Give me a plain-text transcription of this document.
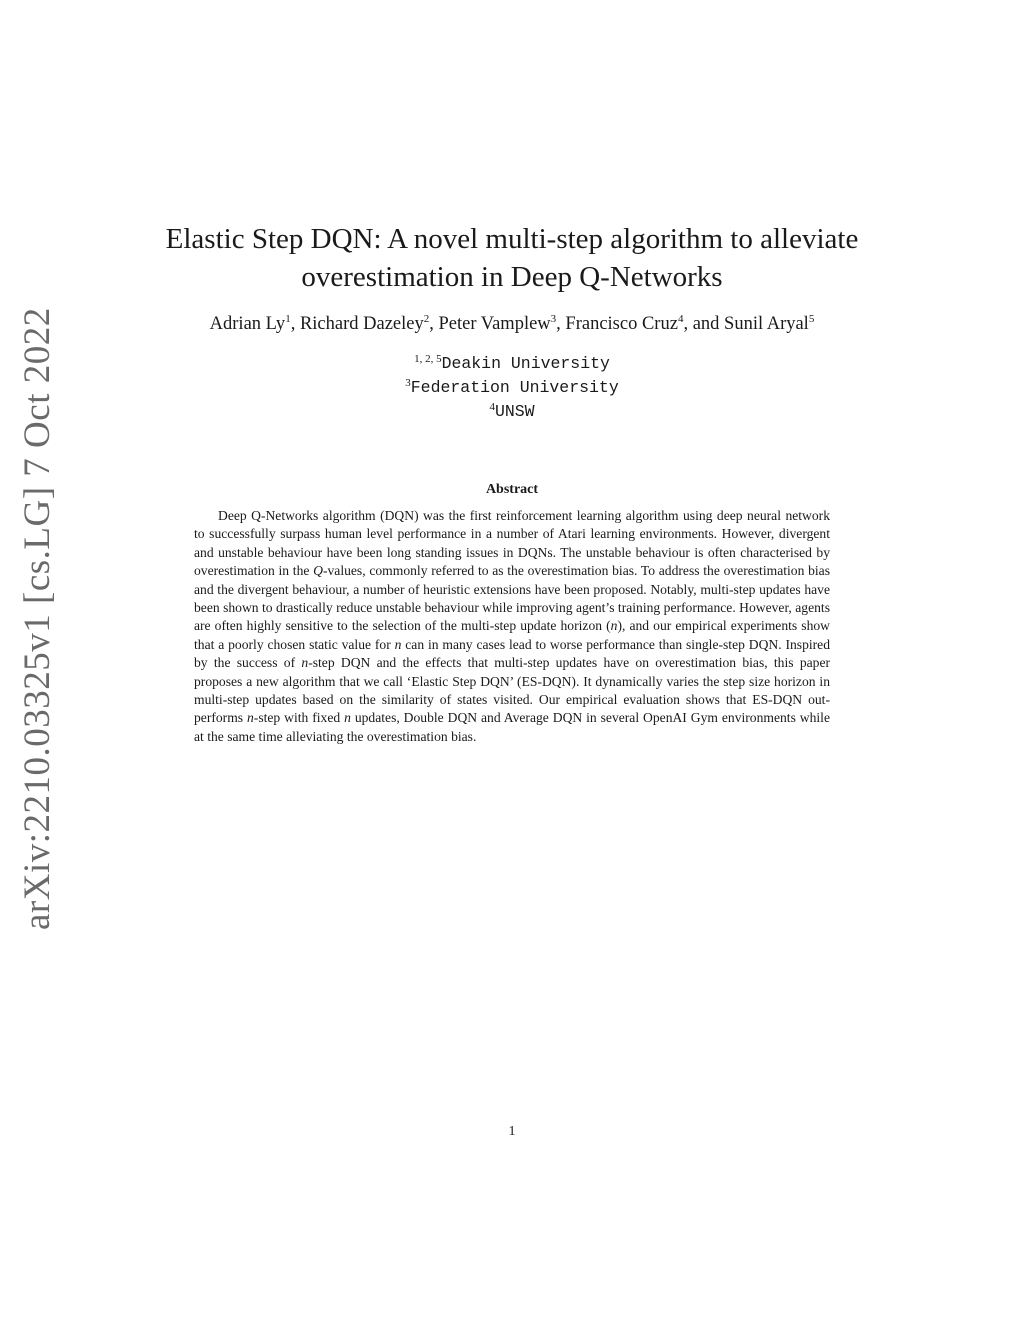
arXiv:2210.03325v1 [cs.LG] 7 Oct 2022
Elastic Step DQN: A novel multi-step algorithm to alleviate
overestimation in Deep Q-Networks
Adrian Ly$^1$, Richard Dazeley$^2$, Peter Vamplew$^3$, Francisco Cruz$^4$, and Sunil Aryal$^5$
$^{1, 2, 5}$Deakin University
$^3$Federation University
$^4$UNSW
Abstract

Deep Q-Networks algorithm (DQN) was the first reinforcement learning algorithm using deep neural network to successfully surpass human level performance in a number of Atari learning environments. However, divergent and unstable behaviour have been long standing issues in DQNs. The unstable behaviour is often characterised by overestimation in the Q-values, commonly referred to as the overestimation bias. To address the overestimation bias and the divergent behaviour, a number of heuristic extensions have been proposed. Notably, multi-step updates have been shown to drastically reduce unstable behaviour while improving agent’s training performance. However, agents are often highly sensitive to the selection of the multi-step update horizon (n), and our empirical experiments show that a poorly chosen static value for n can in many cases lead to worse performance than single-step DQN. Inspired by the success of n-step DQN and the effects that multi-step updates have on overestimation bias, this paper proposes a new algorithm that we call ‘Elastic Step DQN’ (ES-DQN). It dynamically varies the step size horizon in multi-step updates based on the similarity of states visited. Our empirical evaluation shows that ES-DQN out-performs n-step with fixed n updates, Double DQN and Average DQN in several OpenAI Gym environments while at the same time alleviating the overestimation bias.

1
